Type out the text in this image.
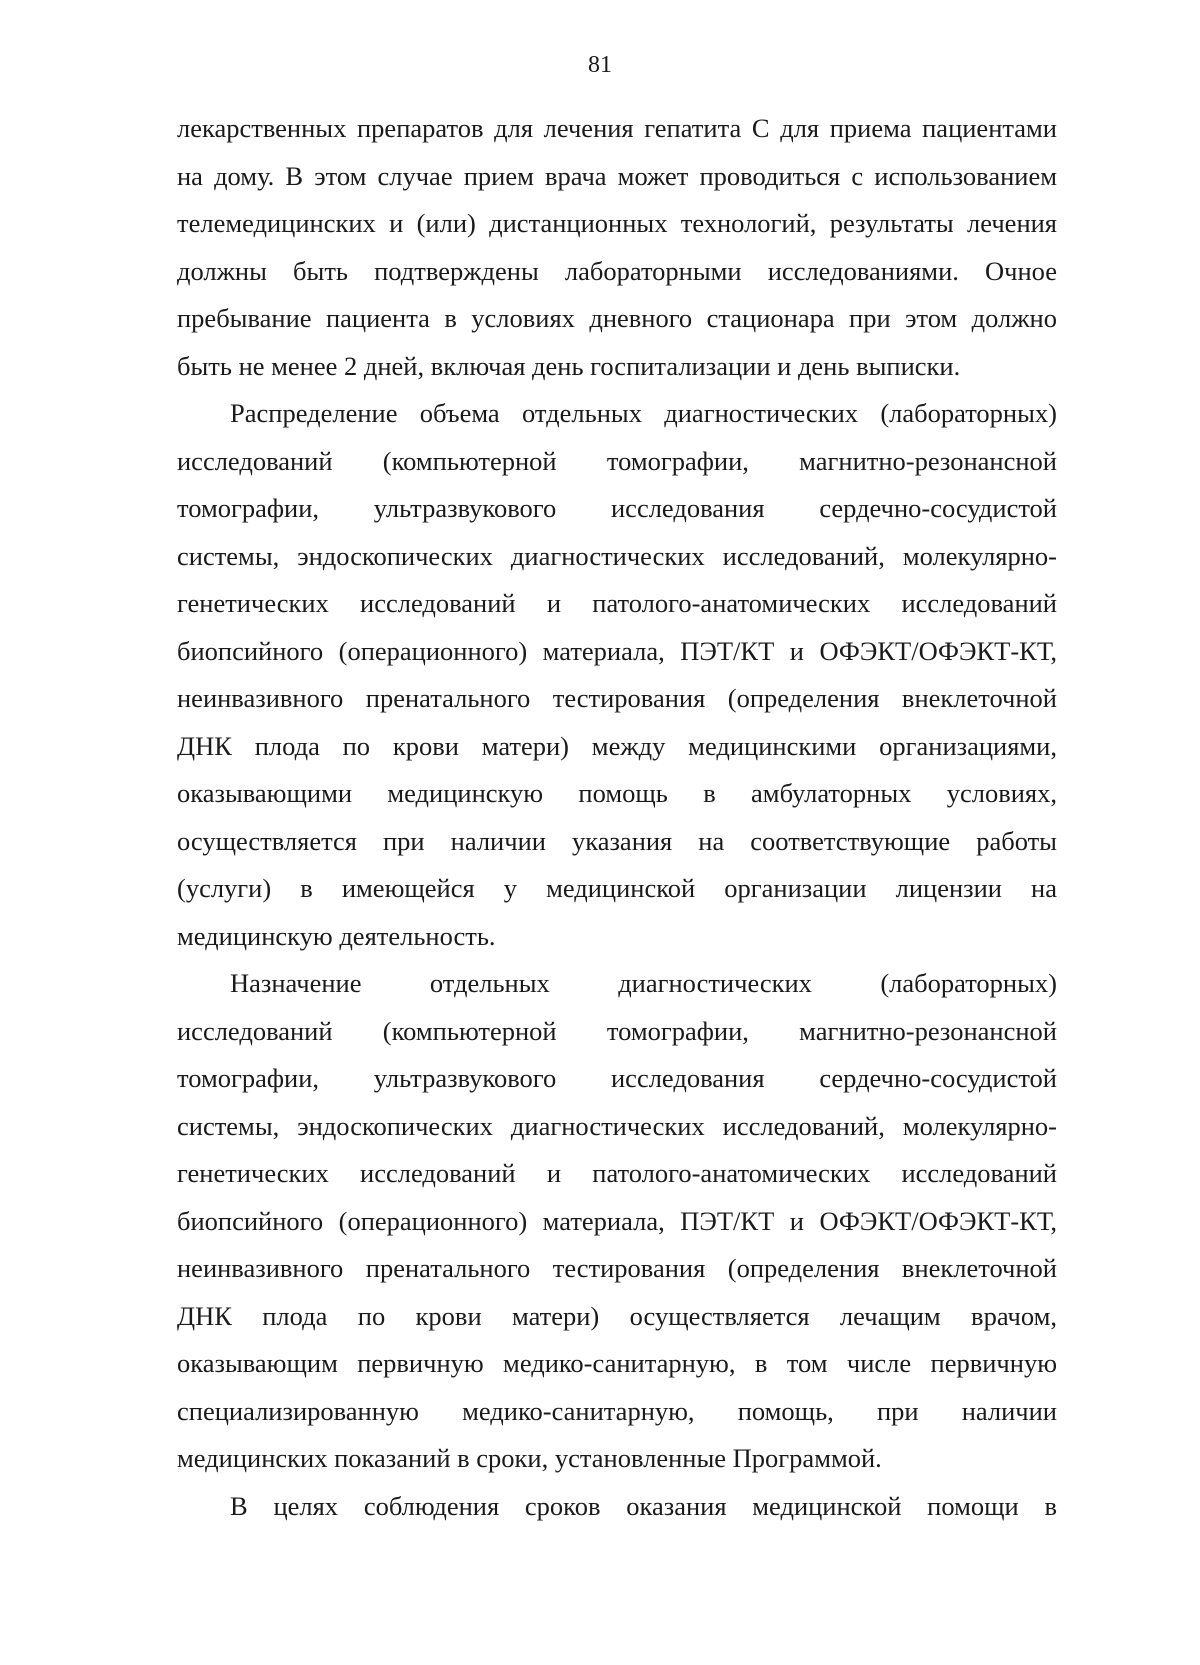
81
лекарственных препаратов для лечения гепатита С для приема пациентами
на дому. В этом случае прием врача может проводиться с использованием
телемедицинских и (или) дистанционных технологий, результаты лечения
должны быть подтверждены лабораторными исследованиями. Очное
пребывание пациента в условиях дневного стационара при этом должно
быть не менее 2 дней, включая день госпитализации и день выписки.
Распределение объема отдельных диагностических (лабораторных)
исследований (компьютерной томографии, магнитно-резонансной
томографии, ультразвукового исследования сердечно-сосудистой
системы, эндоскопических диагностических исследований, молекулярно-
генетических исследований и патолого-анатомических исследований
биопсийного (операционного) материала, ПЭТ/КТ и ОФЭКТ/ОФЭКТ-КТ,
неинвазивного пренатального тестирования (определения внеклеточной
ДНК плода по крови матери) между медицинскими организациями,
оказывающими медицинскую помощь в амбулаторных условиях,
осуществляется при наличии указания на соответствующие работы
(услуги) в имеющейся у медицинской организации лицензии на
медицинскую деятельность.
Назначение отдельных диагностических (лабораторных)
исследований (компьютерной томографии, магнитно-резонансной
томографии, ультразвукового исследования сердечно-сосудистой
системы, эндоскопических диагностических исследований, молекулярно-
генетических исследований и патолого-анатомических исследований
биопсийного (операционного) материала, ПЭТ/КТ и ОФЭКТ/ОФЭКТ-КТ,
неинвазивного пренатального тестирования (определения внеклеточной
ДНК плода по крови матери) осуществляется лечащим врачом,
оказывающим первичную медико-санитарную, в том числе первичную
специализированную медико-санитарную, помощь, при наличии
медицинских показаний в сроки, установленные Программой.
В целях соблюдения сроков оказания медицинской помощи в
